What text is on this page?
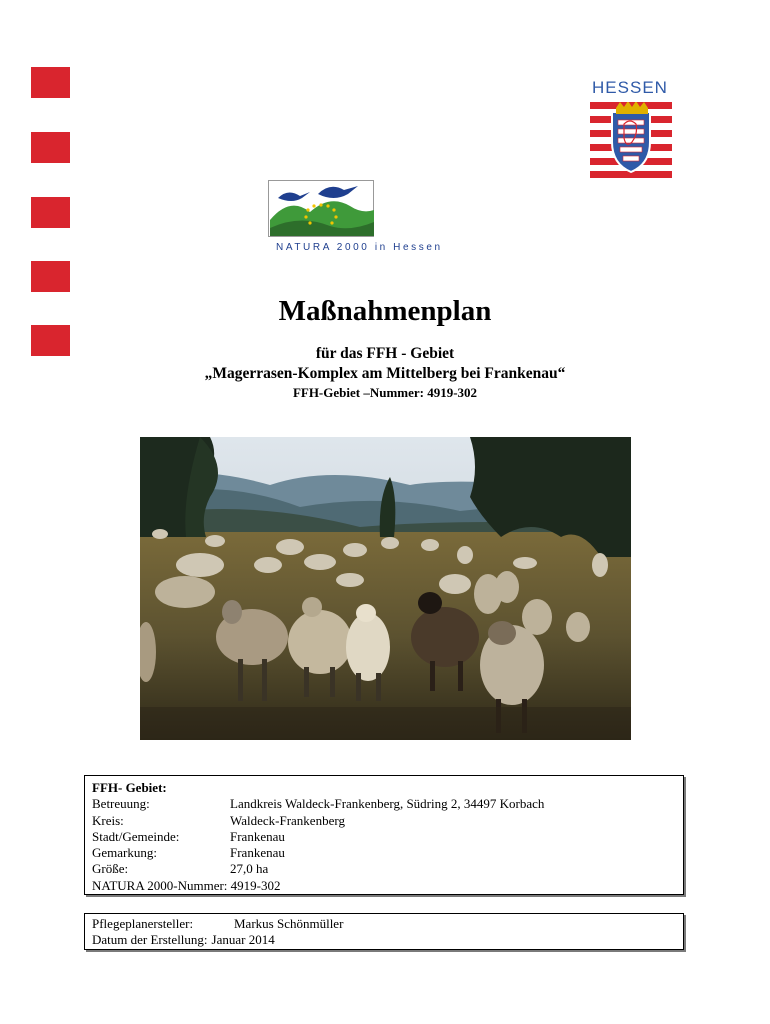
HESSEN
NATURA 2000 in Hessen
Maßnahmenplan
für das FFH - Gebiet
„Magerrasen-Komplex am Mittelberg bei Frankenau“
FFH-Gebiet –Nummer: 4919-302
FFH- Gebiet:
Betreuung:	Landkreis Waldeck-Frankenberg, Südring 2, 34497 Korbach
Kreis:	Waldeck-Frankenberg
Stadt/Gemeinde:	Frankenau
Gemarkung:	Frankenau
Größe:	27,0 ha
NATURA 2000-Nummer: 4919-302
Pflegeplanersteller:	Markus Schönmüller
Datum der Erstellung: Januar 2014
